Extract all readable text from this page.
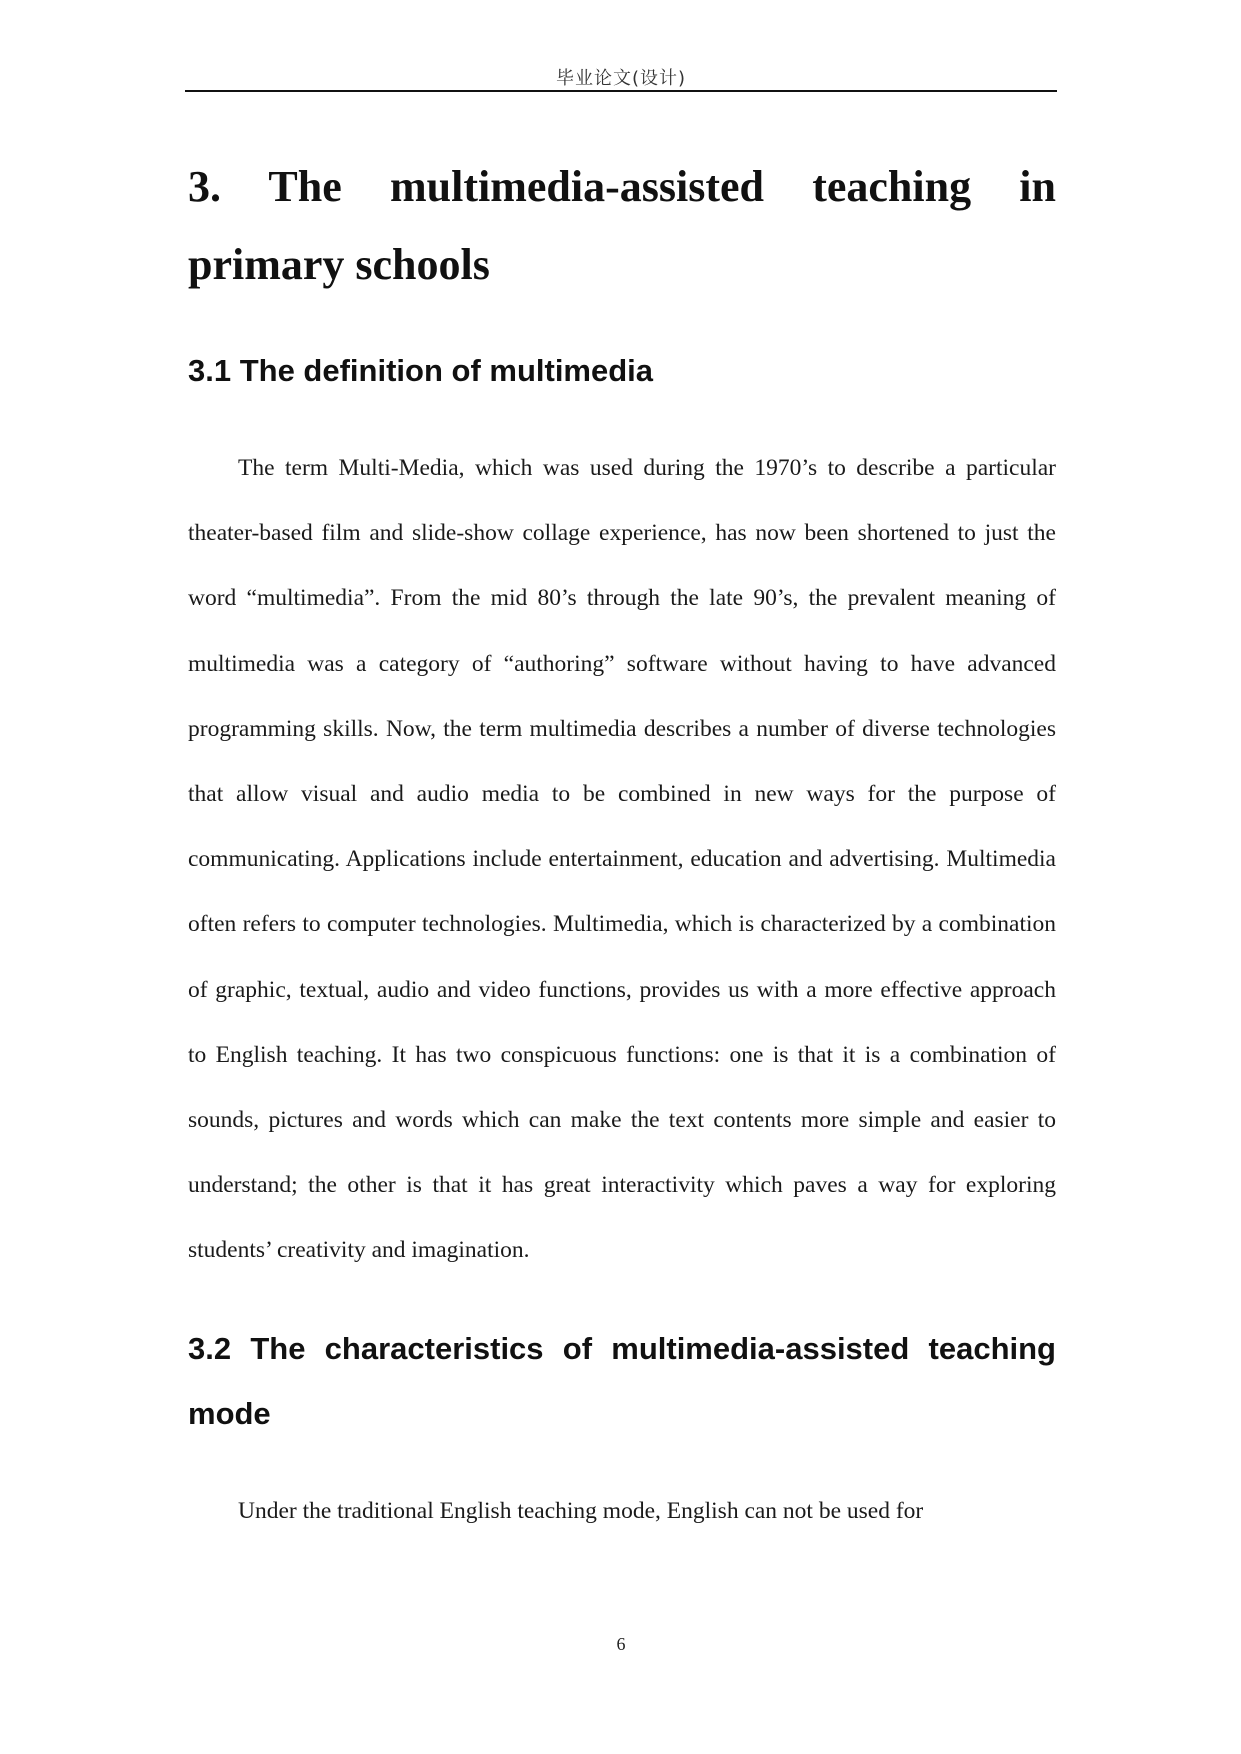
毕业论文(设计)
3. The multimedia-assisted teaching in primary schools
3.1 The definition of multimedia

The term Multi-Media, which was used during the 1970’s to describe a particular theater-based film and slide-show collage experience, has now been shortened to just the word “multimedia”. From the mid 80’s through the late 90’s, the prevalent meaning of multimedia was a category of “authoring” software without having to have advanced programming skills. Now, the term multimedia describes a number of diverse technologies that allow visual and audio media to be combined in new ways for the purpose of communicating. Applications include entertainment, education and advertising. Multimedia often refers to computer technologies. Multimedia, which is characterized by a combination of graphic, textual, audio and video functions, provides us with a more effective approach to English teaching. It has two conspicuous functions: one is that it is a combination of sounds, pictures and words which can make the text contents more simple and easier to understand; the other is that it has great interactivity which paves a way for exploring students’ creativity and imagination.

3.2 The characteristics of multimedia-assisted teaching mode

Under the traditional English teaching mode, English can not be used for

6
